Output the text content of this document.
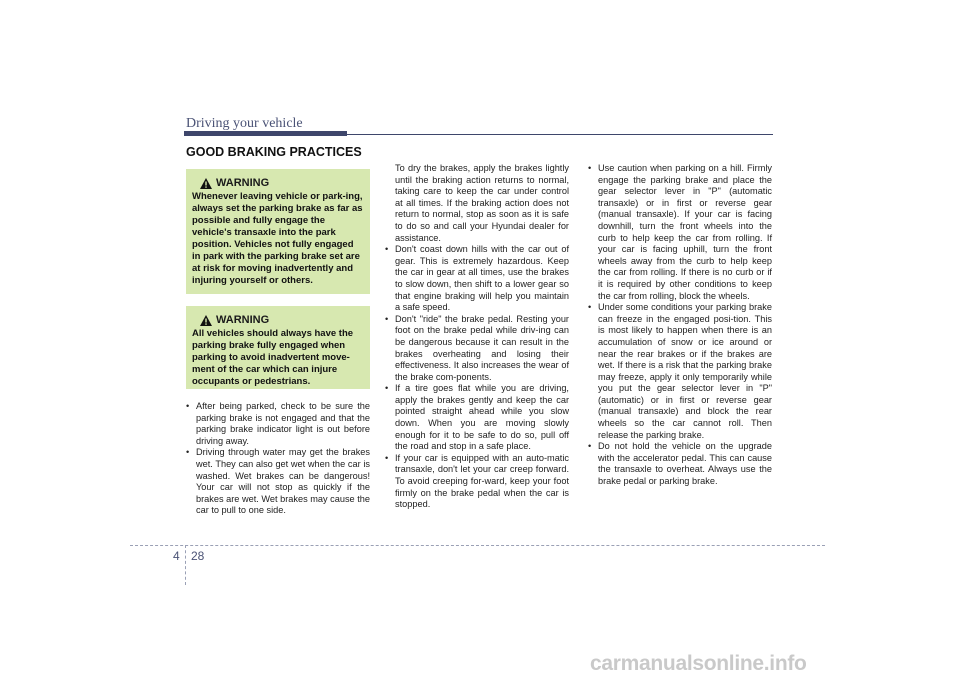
Driving your vehicle
GOOD BRAKING PRACTICES
WARNING
Whenever leaving vehicle or park-ing, always set the parking brake as far as possible and fully engage the vehicle's transaxle into the park position. Vehicles not fully engaged in park with the parking brake set are at risk for moving inadvertently and injuring yourself or others.
WARNING
All vehicles should always have the parking brake fully engaged when parking to avoid inadvertent move-ment of the car which can injure occupants or pedestrians.
• After being parked, check to be sure the parking brake is not engaged and that the parking brake indicator light is out before driving away.
• Driving through water may get the brakes wet. They can also get wet when the car is washed. Wet brakes can be dangerous! Your car will not stop as quickly if the brakes are wet. Wet brakes may cause the car to pull to one side.

To dry the brakes, apply the brakes lightly until the braking action returns to normal, taking care to keep the car under control at all times. If the braking action does not return to normal, stop as soon as it is safe to do so and call your Hyundai dealer for assistance.

• Don't coast down hills with the car out of gear. This is extremely hazardous. Keep the car in gear at all times, use the brakes to slow down, then shift to a lower gear so that engine braking will help you maintain a safe speed.
• Don't "ride" the brake pedal. Resting your foot on the brake pedal while driv-ing can be dangerous because it can result in the brakes overheating and losing their effectiveness. It also increases the wear of the brake com-ponents.
• If a tire goes flat while you are driving, apply the brakes gently and keep the car pointed straight ahead while you slow down. When you are moving slowly enough for it to be safe to do so, pull off the road and stop in a safe place.
• If your car is equipped with an auto-matic transaxle, don't let your car creep forward. To avoid creeping for-ward, keep your foot firmly on the brake pedal when the car is stopped.
• Use caution when parking on a hill. Firmly engage the parking brake and place the gear selector lever in "P" (automatic transaxle) or in first or reverse gear (manual transaxle). If your car is facing downhill, turn the front wheels into the curb to help keep the car from rolling. If your car is facing uphill, turn the front wheels away from the curb to help keep the car from rolling. If there is no curb or if it is required by other conditions to keep the car from rolling, block the wheels.
• Under some conditions your parking brake can freeze in the engaged posi-tion. This is most likely to happen when there is an accumulation of snow or ice around or near the rear brakes or if the brakes are wet. If there is a risk that the parking brake may freeze, apply it only temporarily while you put the gear selector lever in "P" (automatic) or in first or reverse gear (manual transaxle) and block the rear wheels so the car cannot roll. Then release the parking brake.
• Do not hold the vehicle on the upgrade with the accelerator pedal. This can cause the transaxle to overheat. Always use the brake pedal or parking brake.
4 28
carmanualsonline.info
